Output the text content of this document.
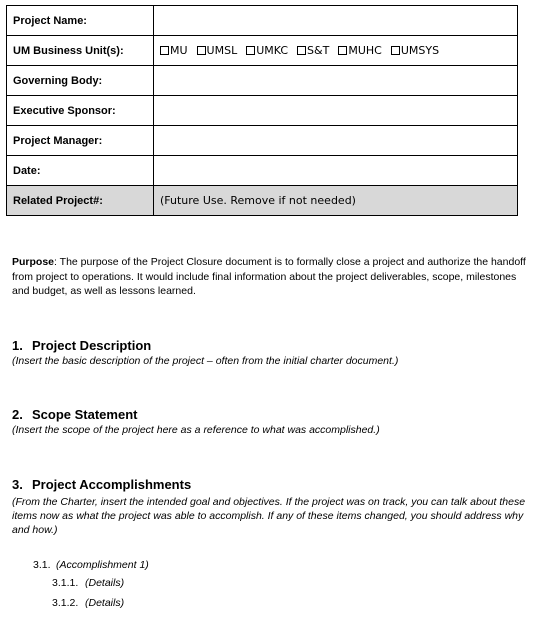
Project Name:	
UM Business Unit(s):	MU UMSL UMKC S&T MUHC UMSYS
Governing Body:	
Executive Sponsor:	
Project Manager:	
Date:	
Related Project#:	(Future Use. Remove if not needed)
Purpose: The purpose of the Project Closure document is to formally close a project and authorize the handoff from project to operations. It would include final information about the project deliverables, scope, milestones and budget, as well as lessons learned.
1. Project Description
(Insert the basic description of the project – often from the initial charter document.)
2. Scope Statement
(Insert the scope of the project here as a reference to what was accomplished.)
3. Project Accomplishments
(From the Charter, insert the intended goal and objectives. If the project was on track, you can talk about these items now as what the project was able to accomplish. If any of these items changed, you should address why and how.)
3.1. (Accomplishment 1)
3.1.1. (Details)
3.1.2. (Details)
